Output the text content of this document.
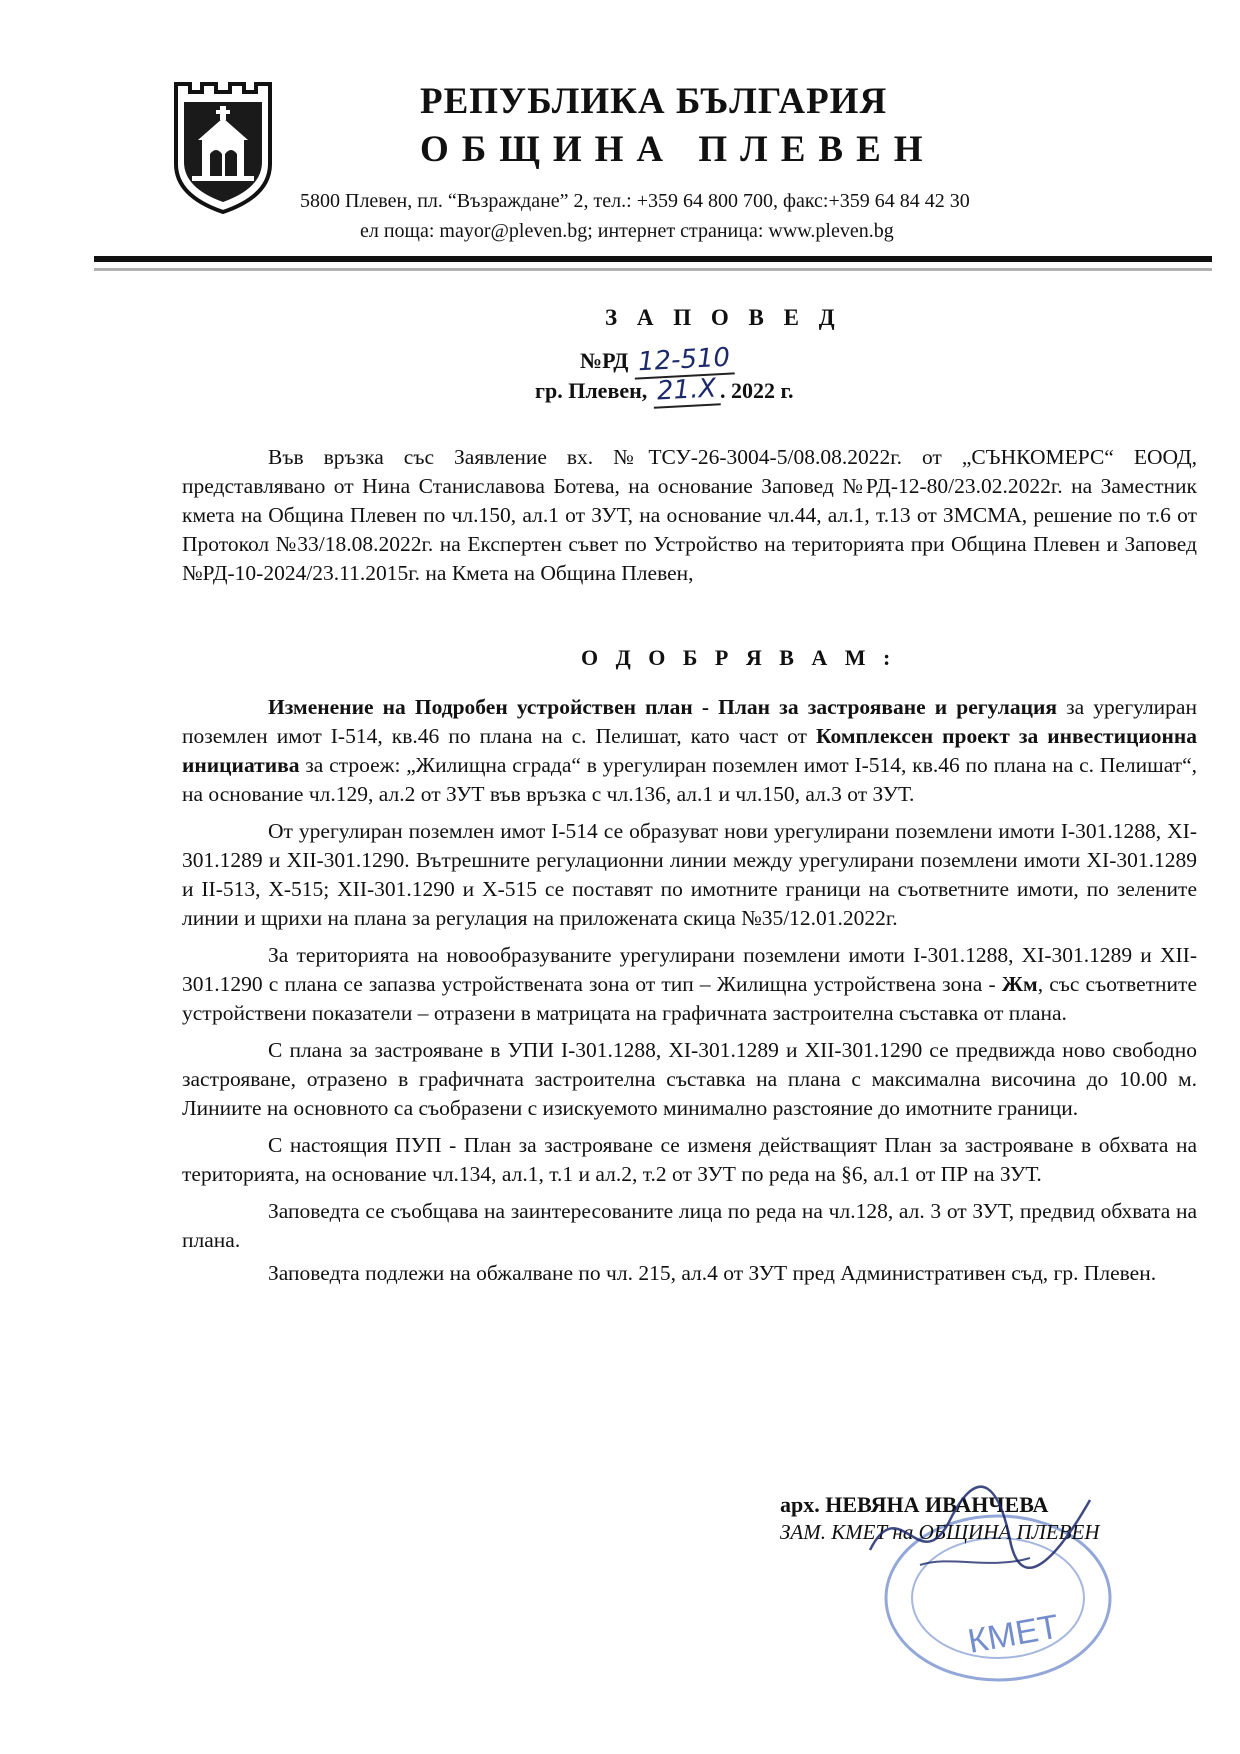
РЕПУБЛИКА БЪЛГАРИЯ
ОБЩИНА ПЛЕВЕН
5800 Плевен, пл. “Възраждане” 2, тел.: +359 64 800 700, факс:+359 64 84 42 30
ел поща: mayor@pleven.bg; интернет страница: www.pleven.bg
З А П О В Е Д
№РД 12-510
гр. Плевен, 21.Х . 2022 г.

Във връзка със Заявление вх. №ТСУ-26-3004-5/08.08.2022г. от „СЪНКОМЕРС“ ЕООД, представлявано от Нина Станиславова Ботева, на основание Заповед №РД-12-80/23.02.2022г. на Заместник кмета на Община Плевен по чл.150, ал.1 от ЗУТ, на основание чл.44, ал.1, т.13 от ЗМСМА, решение по т.6 от Протокол №33/18.08.2022г. на Експертен съвет по Устройство на територията при Община Плевен и Заповед №РД-10-2024/23.11.2015г. на Кмета на Община Плевен,

О Д О Б Р Я В А М :

Изменение на Подробен устройствен план - План за застрояване и регулация за урегулиран поземлен имот I-514, кв.46 по плана на с. Пелишат, като част от Комплексен проект за инвестиционна инициатива за строеж: „Жилищна сграда“ в урегулиран поземлен имот I-514, кв.46 по плана на с. Пелишат“, на основание чл.129, ал.2 от ЗУТ във връзка с чл.136, ал.1 и чл.150, ал.3 от ЗУТ.

От урегулиран поземлен имот I-514 се образуват нови урегулирани поземлени имоти I-301.1288, XI-301.1289 и XII-301.1290. Вътрешните регулационни линии между урегулирани поземлени имоти XI-301.1289 и II-513, X-515; XII-301.1290 и X-515 се поставят по имотните граници на съответните имоти, по зелените линии и щрихи на плана за регулация на приложената скица №35/12.01.2022г.

За територията на новообразуваните урегулирани поземлени имоти I-301.1288, XI-301.1289 и XII-301.1290 с плана се запазва устройствената зона от тип – Жилищна устройствена зона - Жм, със съответните устройствени показатели – отразени в матрицата на графичната застроителна съставка от плана.

С плана за застрояване в УПИ I-301.1288, XI-301.1289 и XII-301.1290 се предвижда ново свободно застрояване, отразено в графичната застроителна съставка на плана с максимална височина до 10.00 м. Линиите на основното са съобразени с изискуемото минимално разстояние до имотните граници.

С настоящия ПУП - План за застрояване се изменя действащият План за застрояване в обхвата на територията, на основание чл.134, ал.1, т.1 и ал.2, т.2 от ЗУТ по реда на §6, ал.1 от ПР на ЗУТ.

Заповедта се съобщава на заинтересованите лица по реда на чл.128, ал. 3 от ЗУТ, предвид обхвата на плана.

Заповедта подлежи на обжалване по чл. 215, ал.4 от ЗУТ пред Административен съд, гр. Плевен.

КМЕТ
арх. НЕВЯНА ИВАНЧЕВА
ЗАМ. КМЕТ на ОБЩИНА ПЛЕВЕН
